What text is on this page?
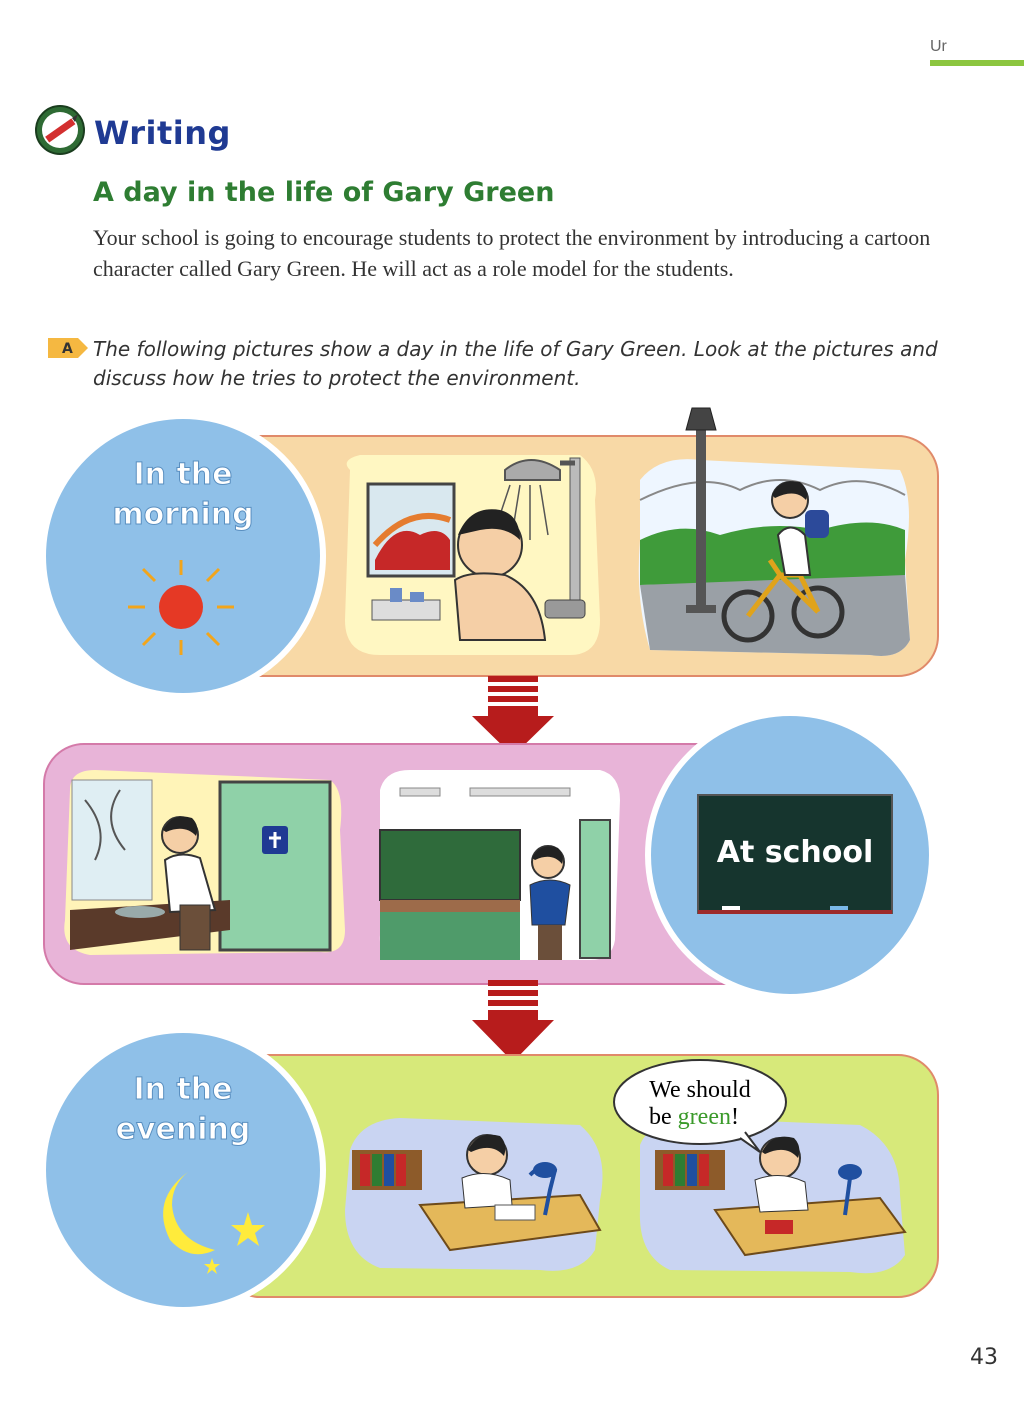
Ur
Writing
A day in the life of Gary Green
Your school is going to encourage students to protect the environment by introducing a cartoon character called Gary Green. He will act as a role model for the students.
A The following pictures show a day in the life of Gary Green. Look at the pictures and discuss how he tries to protect the environment.
In the
morning
At school
We should
be green!
In the
evening
43
